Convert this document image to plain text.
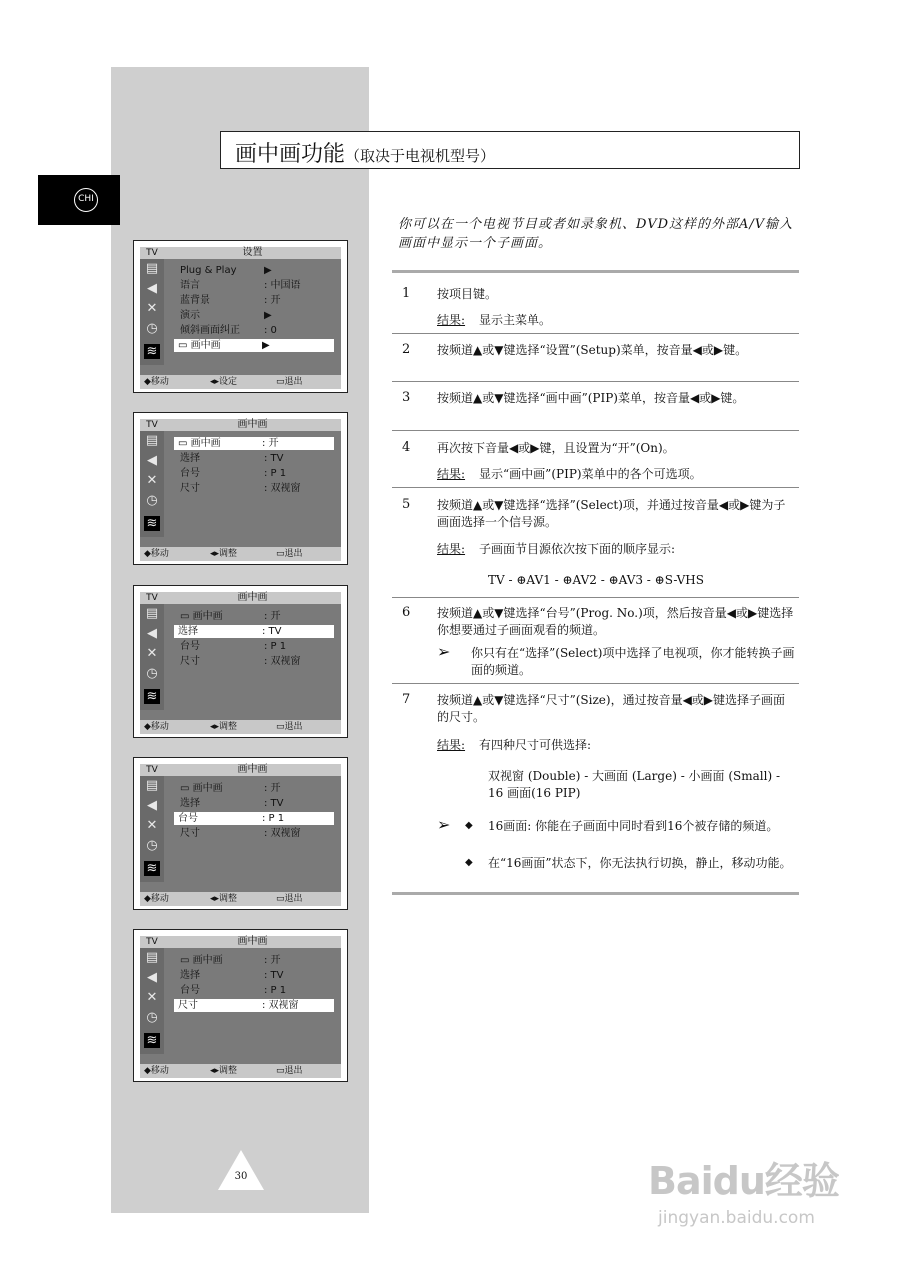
CHI
画中画功能（取决于电视机型号）
你可以在一个电视节目或者如录象机、DVD这样的外部A/V输入画面中显示一个子画面。
TV	设置
▤
◀
✕
◷
≋
Plug & Play	▶
语言	: 中国语
蓝背景	: 开
演示	▶
倾斜画面纠正 : 0
▭ 画中画	▶
◆ 移动	◂▸ 设定	▭ 退出
TV	画中画
▤
◀
✕
◷
≋
▭ 画中画	: 开
选择	: TV
台号	: P 1
尺寸	: 双视窗
◆ 移动	◂▸ 调整	▭ 退出
TV	画中画
▤
◀
✕
◷
≋
▭ 画中画	: 开
选择	: TV
台号	: P 1
尺寸	: 双视窗
◆ 移动	◂▸ 调整	▭ 退出
TV	画中画
▤
◀
✕
◷
≋
▭ 画中画	: 开
选择	: TV
台号	: P 1
尺寸	: 双视窗
◆ 移动	◂▸ 调整	▭ 退出
TV	画中画
▤
◀
✕
◷
≋
▭ 画中画	: 开
选择	: TV
台号	: P 1
尺寸	: 双视窗
◆ 移动	◂▸ 调整	▭ 退出
1 按项目键。
结果: 显示主菜单。
2 按频道▲或▼键选择“设置”(Setup)菜单，按音量◀或▶键。
3 按频道▲或▼键选择“画中画”(PIP)菜单，按音量◀或▶键。
4 再次按下音量◀或▶键，且设置为“开”(On)。
结果: 显示“画中画”(PIP)菜单中的各个可选项。
5 按频道▲或▼键选择“选择”(Select)项，并通过按音量◀或▶键为子画面选择一个信号源。
结果: 子画面节目源依次按下面的顺序显示:
TV - ⊕AV1 - ⊕AV2 - ⊕AV3 - ⊕S-VHS
6 按频道▲或▼键选择“台号”(Prog. No.)项，然后按音量◀或▶键选择你想要通过子画面观看的频道。
➢ 你只有在“选择”(Select)项中选择了电视项，你才能转换子画面的频道。
7 按频道▲或▼键选择“尺寸”(Size)，通过按音量◀或▶键选择子画面的尺寸。
结果: 有四种尺寸可供选择:
双视窗 (Double) - 大画面 (Large) - 小画面 (Small) - 16 画面(16 PIP)
➢ ◆ 16画面: 你能在子画面中同时看到16个被存储的频道。
◆ 在“16画面”状态下，你无法执行切换，静止，移动功能。
30	Baidu经验
jingyan.baidu.com
